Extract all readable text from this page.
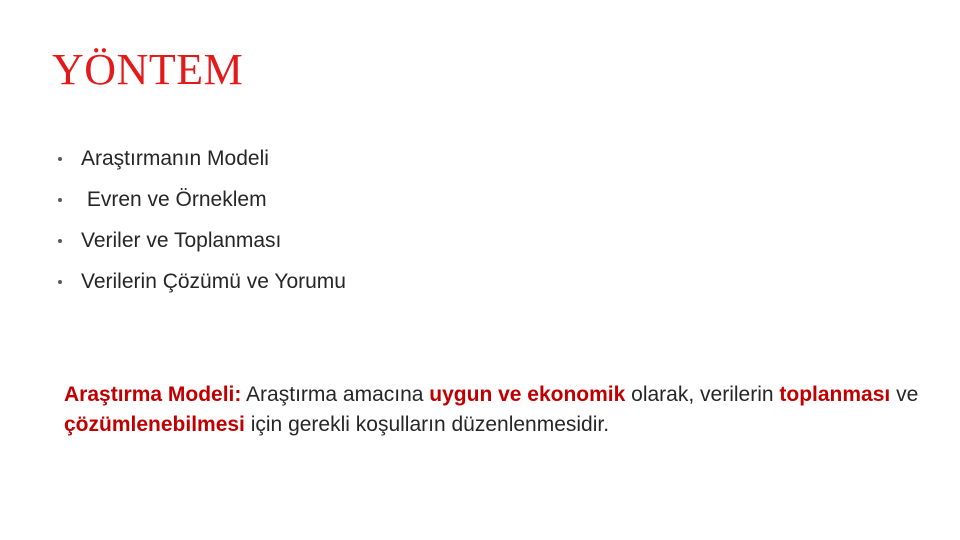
YÖNTEM
Araştırmanın Modeli
Evren ve Örneklem
Veriler ve Toplanması
Verilerin Çözümü ve Yorumu

Araştırma Modeli: Araştırma amacına uygun ve ekonomik olarak, verilerin toplanması ve çözümlenebilmesi için gerekli koşulların düzenlenmesidir.
